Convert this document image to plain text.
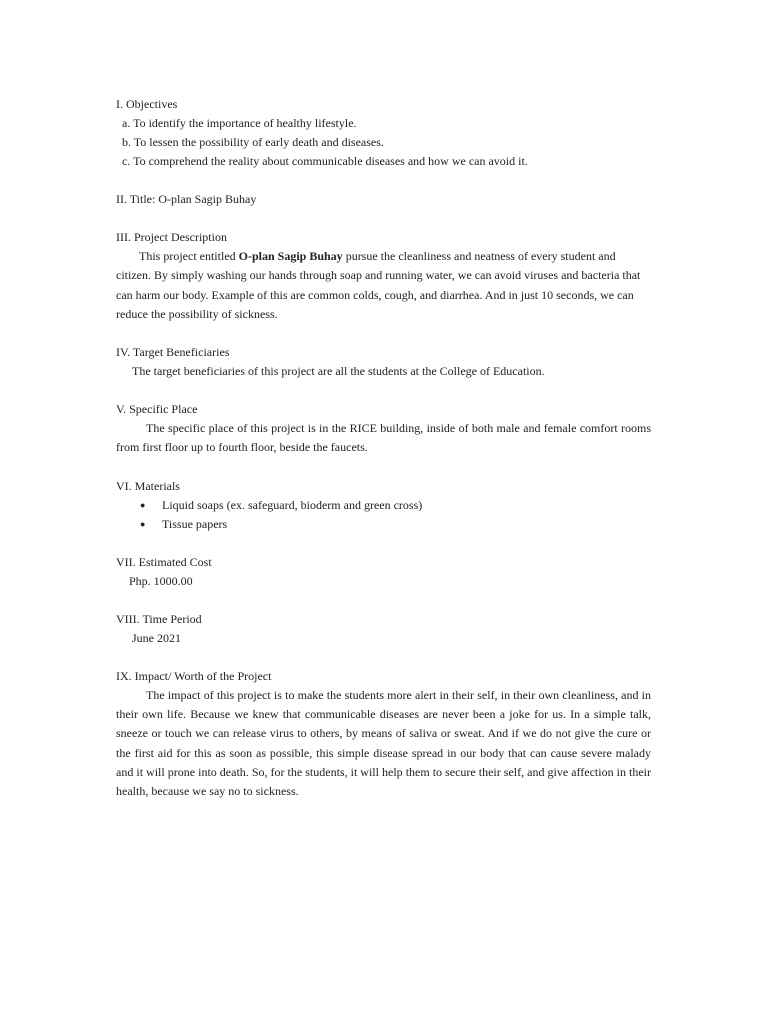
I. Objectives
a. To identify the importance of healthy lifestyle.
b. To lessen the possibility of early death and diseases.
c. To comprehend the reality about communicable diseases and how we can avoid it.
II. Title: O-plan Sagip Buhay
III. Project Description

This project entitled O-plan Sagip Buhay pursue the cleanliness and neatness of every student and citizen. By simply washing our hands through soap and running water, we can avoid viruses and bacteria that can harm our body. Example of this are common colds, cough, and diarrhea. And in just 10 seconds, we can reduce the possibility of sickness.

IV. Target Beneficiaries
The target beneficiaries of this project are all the students at the College of Education.
V. Specific Place

The specific place of this project is in the RICE building, inside of both male and female comfort rooms from first floor up to fourth floor, beside the faucets.

VI. Materials
● Liquid soaps (ex. safeguard, bioderm and green cross)
● Tissue papers
VII. Estimated Cost
Php. 1000.00
VIII. Time Period
June 2021
IX. Impact/ Worth of the Project

The impact of this project is to make the students more alert in their self, in their own cleanliness, and in their own life. Because we knew that communicable diseases are never been a joke for us. In a simple talk, sneeze or touch we can release virus to others, by means of saliva or sweat. And if we do not give the cure or the first aid for this as soon as possible, this simple disease spread in our body that can cause severe malady and it will prone into death. So, for the students, it will help them to secure their self, and give affection in their health, because we say no to sickness.
